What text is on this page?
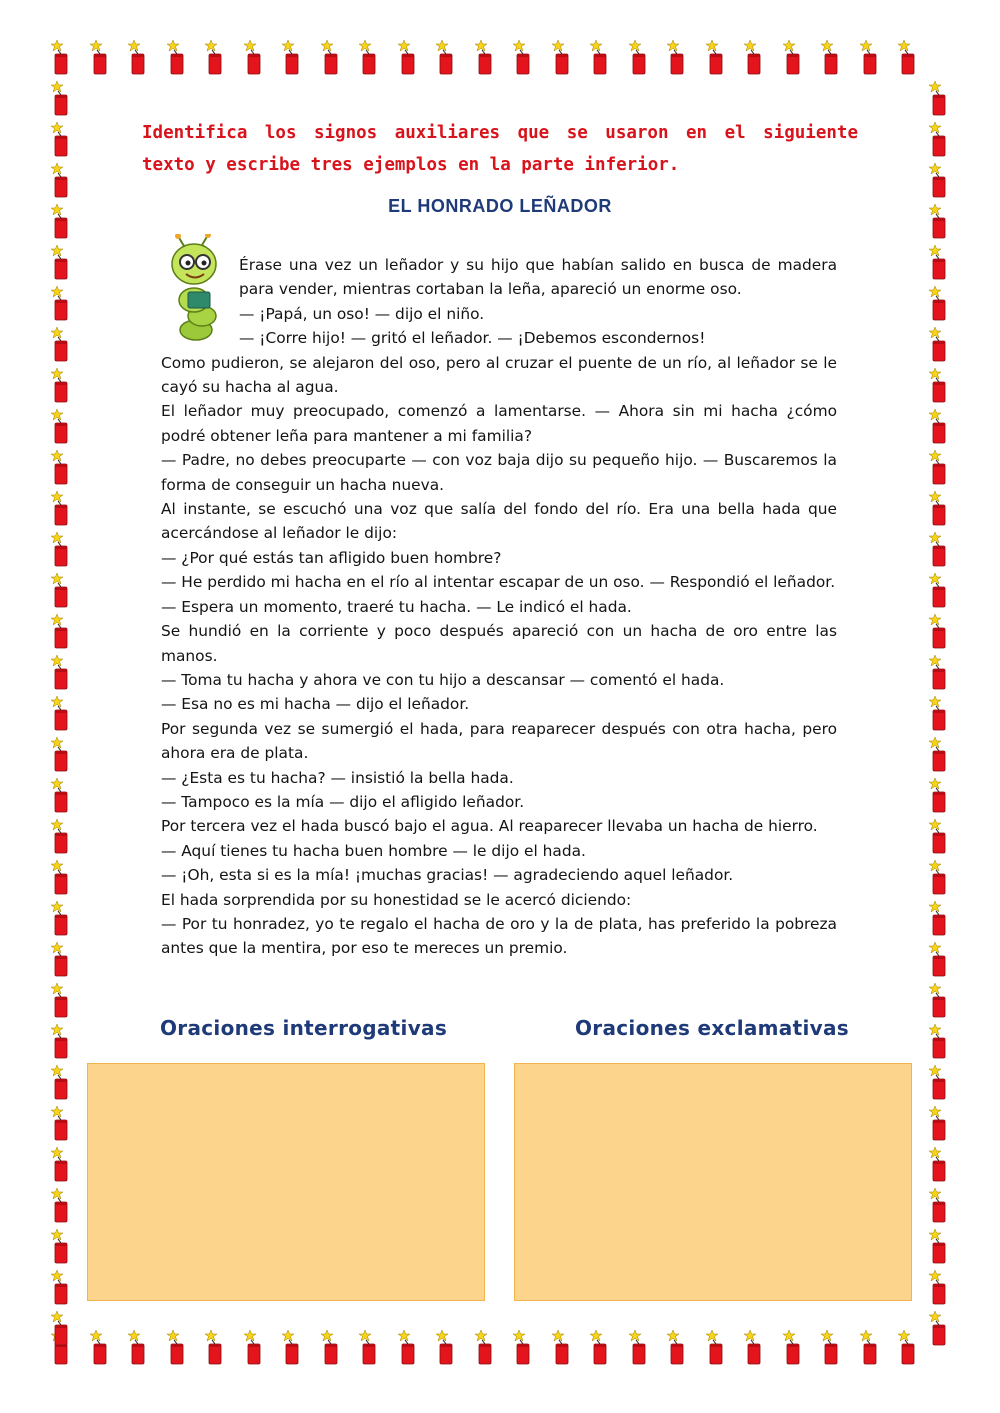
Identifica los signos auxiliares que se usaron en el siguiente texto y escribe tres ejemplos en la parte inferior.
EL HONRADO LEÑADOR

Érase una vez un leñador y su hijo que habían salido en busca de madera para vender, mientras cortaban la leña, apareció un enorme oso.

— ¡Papá, un oso! — dijo el niño.

— ¡Corre hijo! — gritó el leñador. — ¡Debemos escondernos!

Como pudieron, se alejaron del oso, pero al cruzar el puente de un río, al leñador se le cayó su hacha al agua.

El leñador muy preocupado, comenzó a lamentarse. — Ahora sin mi hacha ¿cómo podré obtener leña para mantener a mi familia?

— Padre, no debes preocuparte — con voz baja dijo su pequeño hijo. — Buscaremos la forma de conseguir un hacha nueva.

Al instante, se escuchó una voz que salía del fondo del río. Era una bella hada que acercándose al leñador le dijo:

— ¿Por qué estás tan afligido buen hombre?

— He perdido mi hacha en el río al intentar escapar de un oso. — Respondió el leñador.

— Espera un momento, traeré tu hacha. — Le indicó el hada.

Se hundió en la corriente y poco después apareció con un hacha de oro entre las manos.

— Toma tu hacha y ahora ve con tu hijo a descansar — comentó el hada.

— Esa no es mi hacha — dijo el leñador.

Por segunda vez se sumergió el hada, para reaparecer después con otra hacha, pero ahora era de plata.

— ¿Esta es tu hacha? — insistió la bella hada.

— Tampoco es la mía — dijo el afligido leñador.

Por tercera vez el hada buscó bajo el agua. Al reaparecer llevaba un hacha de hierro.

— Aquí tienes tu hacha buen hombre — le dijo el hada.

— ¡Oh, esta si es la mía! ¡muchas gracias! — agradeciendo aquel leñador.

El hada sorprendida por su honestidad se le acercó diciendo:

— Por tu honradez, yo te regalo el hacha de oro y la de plata, has preferido la pobreza antes que la mentira, por eso te mereces un premio.

Oraciones interrogativas	Oraciones exclamativas
